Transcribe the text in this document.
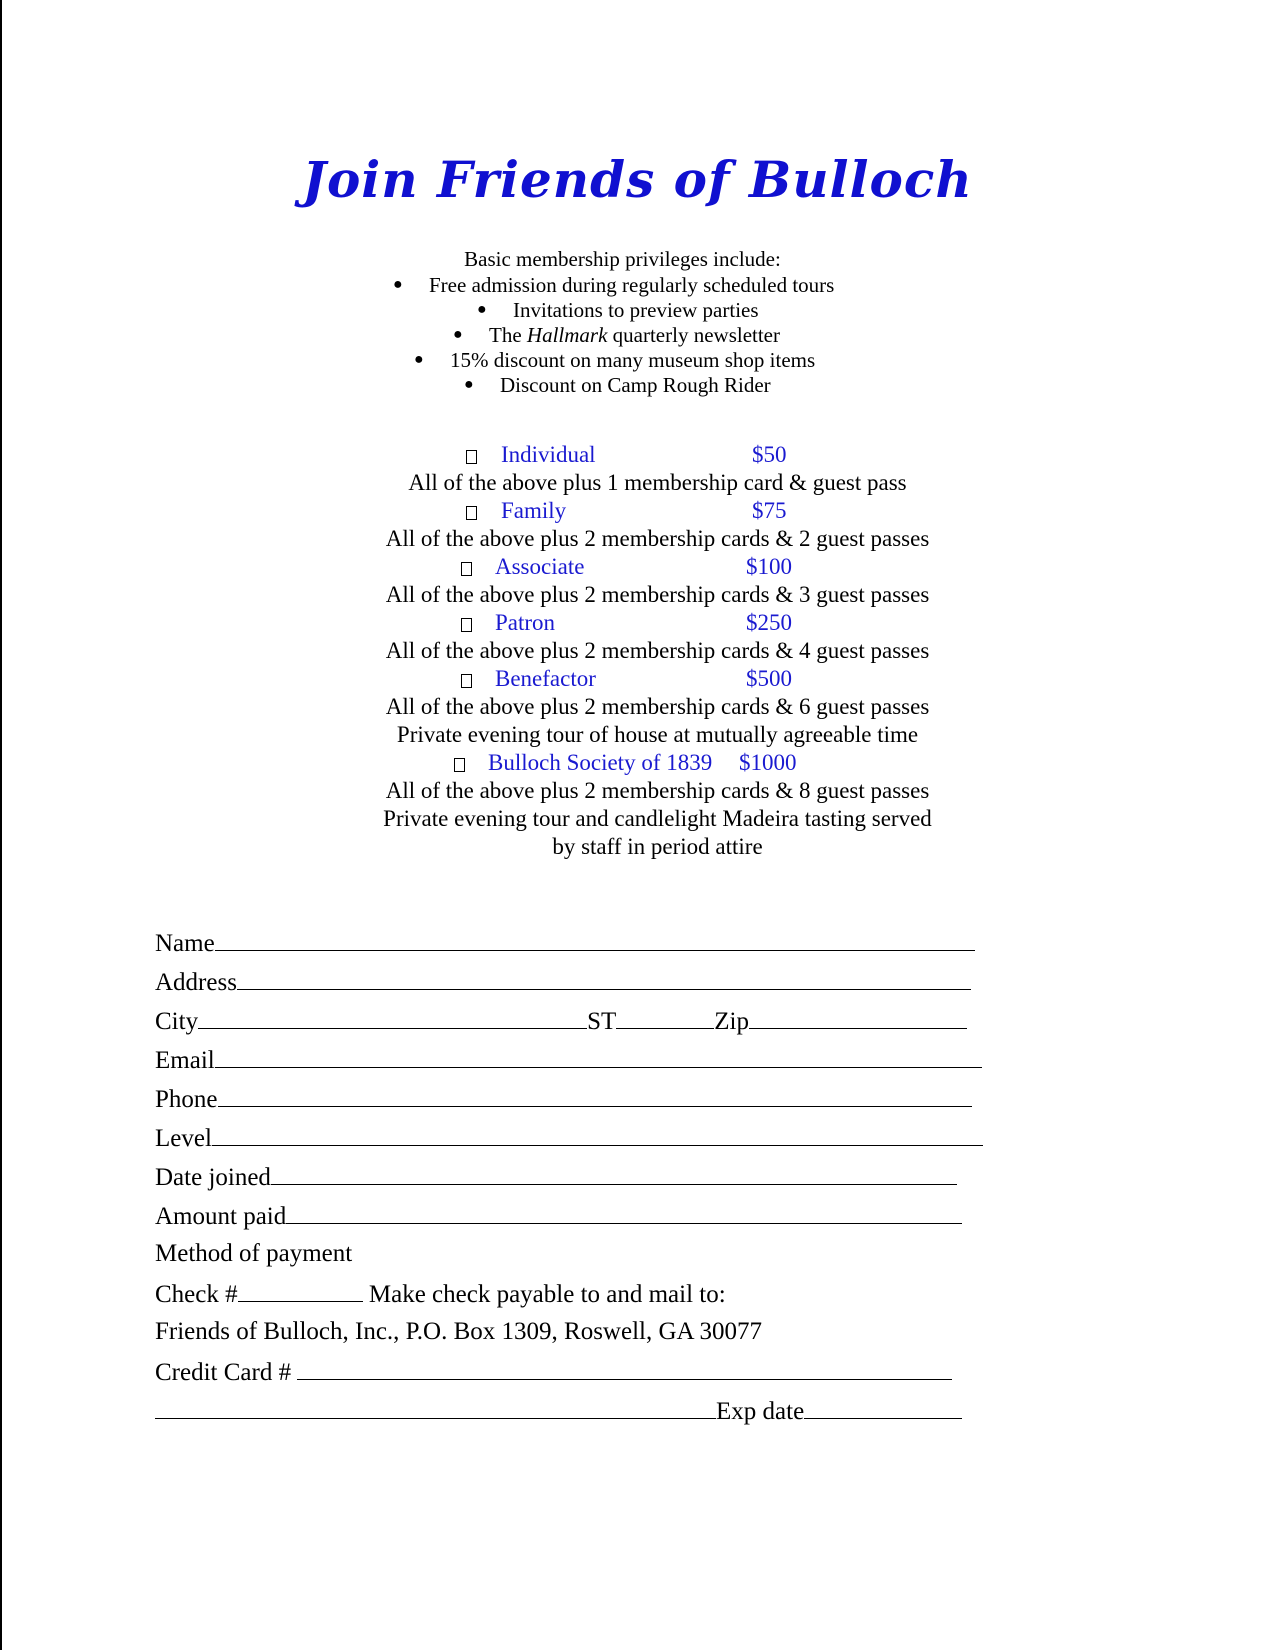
Join Friends of Bulloch
Basic membership privileges include:
● Free admission during regularly scheduled tours
● Invitations to preview parties
● The Hallmark quarterly newsletter
● 15% discount on many museum shop items
● Discount on Camp Rough Rider
Individual	$50
All of the above plus 1 membership card & guest pass
Family	$75
All of the above plus 2 membership cards & 2 guest passes
Associate	$100
All of the above plus 2 membership cards & 3 guest passes
Patron	$250
All of the above plus 2 membership cards & 4 guest passes
Benefactor	$500
All of the above plus 2 membership cards & 6 guest passes
Private evening tour of house at mutually agreeable time
Bulloch Society of 1839 $1000
All of the above plus 2 membership cards & 8 guest passes
Private evening tour and candlelight Madeira tasting served
by staff in period attire
Name
Address
City	ST	Zip
Email
Phone
Level
Date joined
Amount paid
Method of payment
Check #	Make check payable to and mail to:
Friends of Bulloch, Inc., P.O. Box 1309, Roswell, GA 30077
Credit Card #
Exp date
